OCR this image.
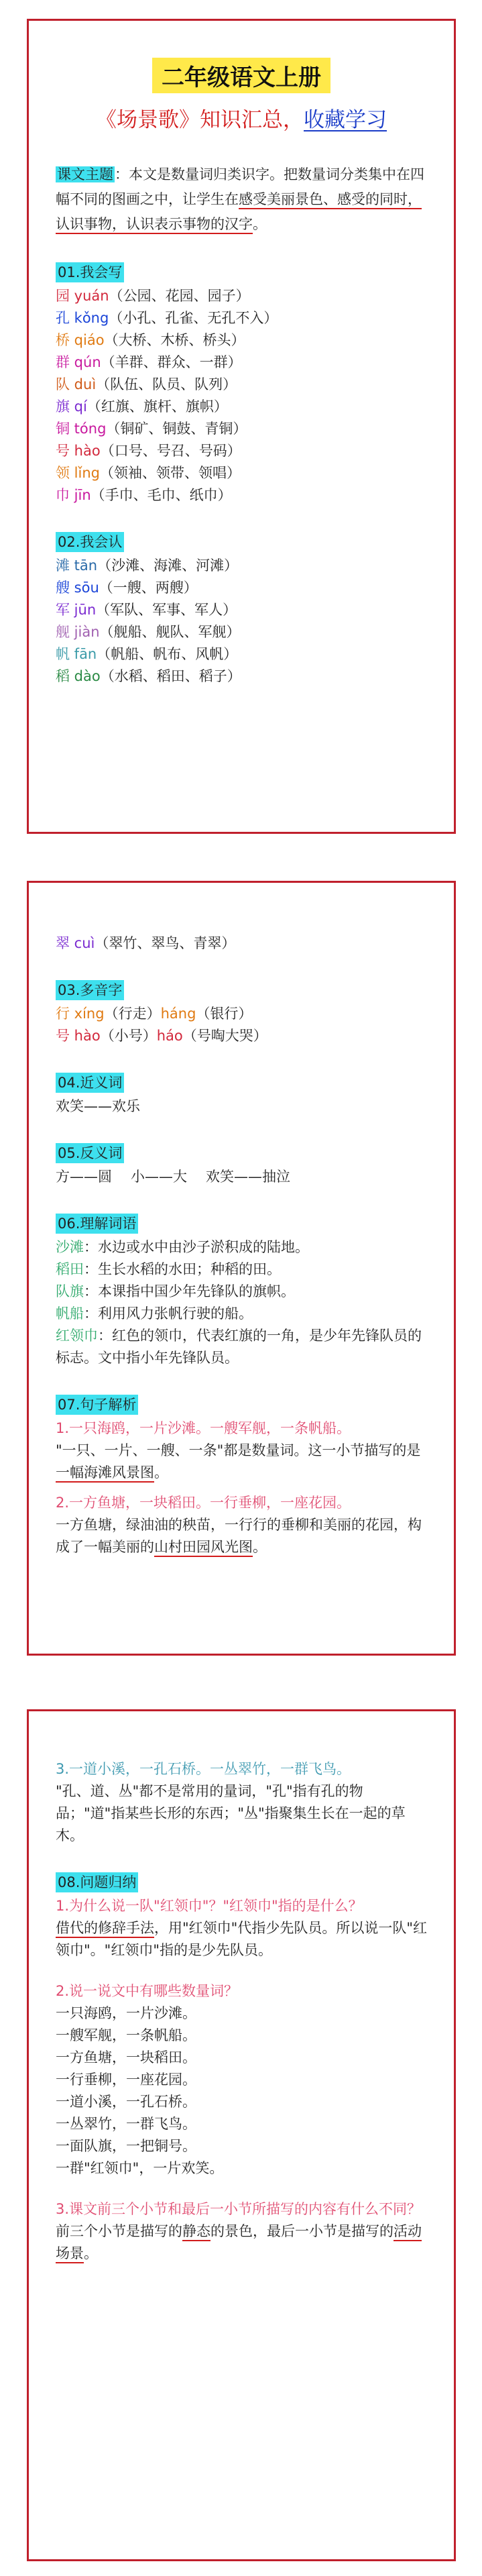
二年级语文上册
《场景歌》知识汇总，收藏学习

课文主题：本文是数量词归类识字。把数量词分类集中在四幅不同的图画之中，让学生在感受美丽景色、感受的同时，认识事物，认识表示事物的汉字。

01.我会写
园 yuán（公园、花园、园子）
孔 kǒng（小孔、孔雀、无孔不入）
桥 qiáo（大桥、木桥、桥头）
群 qún（羊群、群众、一群）
队 duì（队伍、队员、队列）
旗 qí（红旗、旗杆、旗帜）
铜 tóng（铜矿、铜鼓、青铜）
号 hào（口号、号召、号码）
领 lǐng（领袖、领带、领唱）
巾 jīn（手巾、毛巾、纸巾）
02.我会认
滩 tān（沙滩、海滩、河滩）
艘 sōu（一艘、两艘）
军 jūn（军队、军事、军人）
舰 jiàn（舰船、舰队、军舰）
帆 fān（帆船、帆布、风帆）
稻 dào（水稻、稻田、稻子）
翠 cuì（翠竹、翠鸟、青翠）
03.多音字
行 xíng（行走）háng（银行）
号 hào（小号）háo（号啕大哭）
04.近义词
欢笑——欢乐
05.反义词
方——圆 小——大 欢笑——抽泣
06.理解词语
沙滩：水边或水中由沙子淤积成的陆地。
稻田：生长水稻的水田；种稻的田。
队旗：本课指中国少年先锋队的旗帜。
帆船：利用风力张帆行驶的船。
红领巾：红色的领巾，代表红旗的一角，是少年先锋队员的标志。文中指小年先锋队员。
07.句子解析
1.一只海鸥，一片沙滩。一艘军舰，一条帆船。
"一只、一片、一艘、一条"都是数量词。这一小节描写的是一幅海滩风景图。
2.一方鱼塘，一块稻田。一行垂柳，一座花园。
一方鱼塘，绿油油的秧苗，一行行的垂柳和美丽的花园，构成了一幅美丽的山村田园风光图。
3.一道小溪，一孔石桥。一丛翠竹，一群飞鸟。
"孔、道、丛"都不是常用的量词，"孔"指有孔的物品；"道"指某些长形的东西；"丛"指聚集生长在一起的草木。
08.问题归纳
1.为什么说一队"红领巾"？"红领巾"指的是什么？
借代的修辞手法，用"红领巾"代指少先队员。所以说一队"红领巾"。"红领巾"指的是少先队员。
2.说一说文中有哪些数量词？
一只海鸥，一片沙滩。
一艘军舰，一条帆船。
一方鱼塘，一块稻田。
一行垂柳，一座花园。
一道小溪，一孔石桥。
一丛翠竹，一群飞鸟。
一面队旗，一把铜号。
一群"红领巾"，一片欢笑。
3.课文前三个小节和最后一小节所描写的内容有什么不同？
前三个小节是描写的静态的景色，最后一小节是描写的活动场景。
